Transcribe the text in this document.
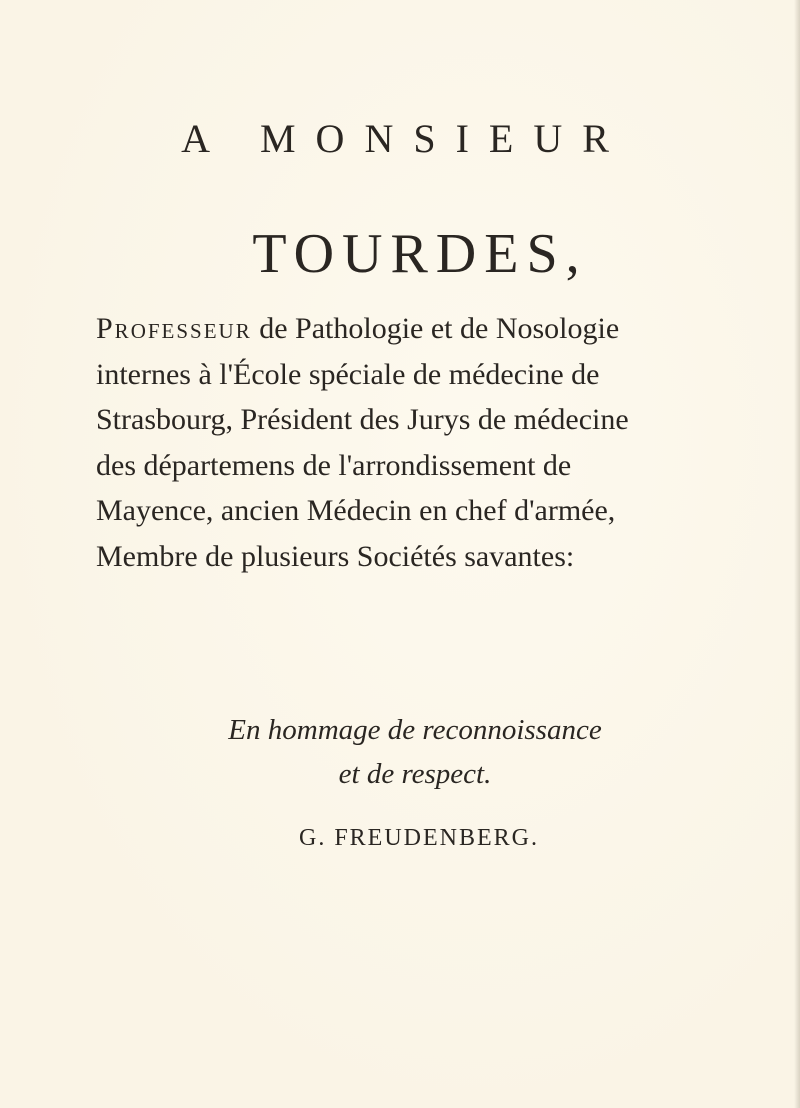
A MONSIEUR
TOURDES,
Professeur de Pathologie et de Nosologie
internes à l'École spéciale de médecine de
Strasbourg, Président des Jurys de médecine
des départemens de l'arrondissement de
Mayence, ancien Médecin en chef d'armée,
Membre de plusieurs Sociétés savantes:
En hommage de reconnoissance
et de respect.
G. FREUDENBERG.
